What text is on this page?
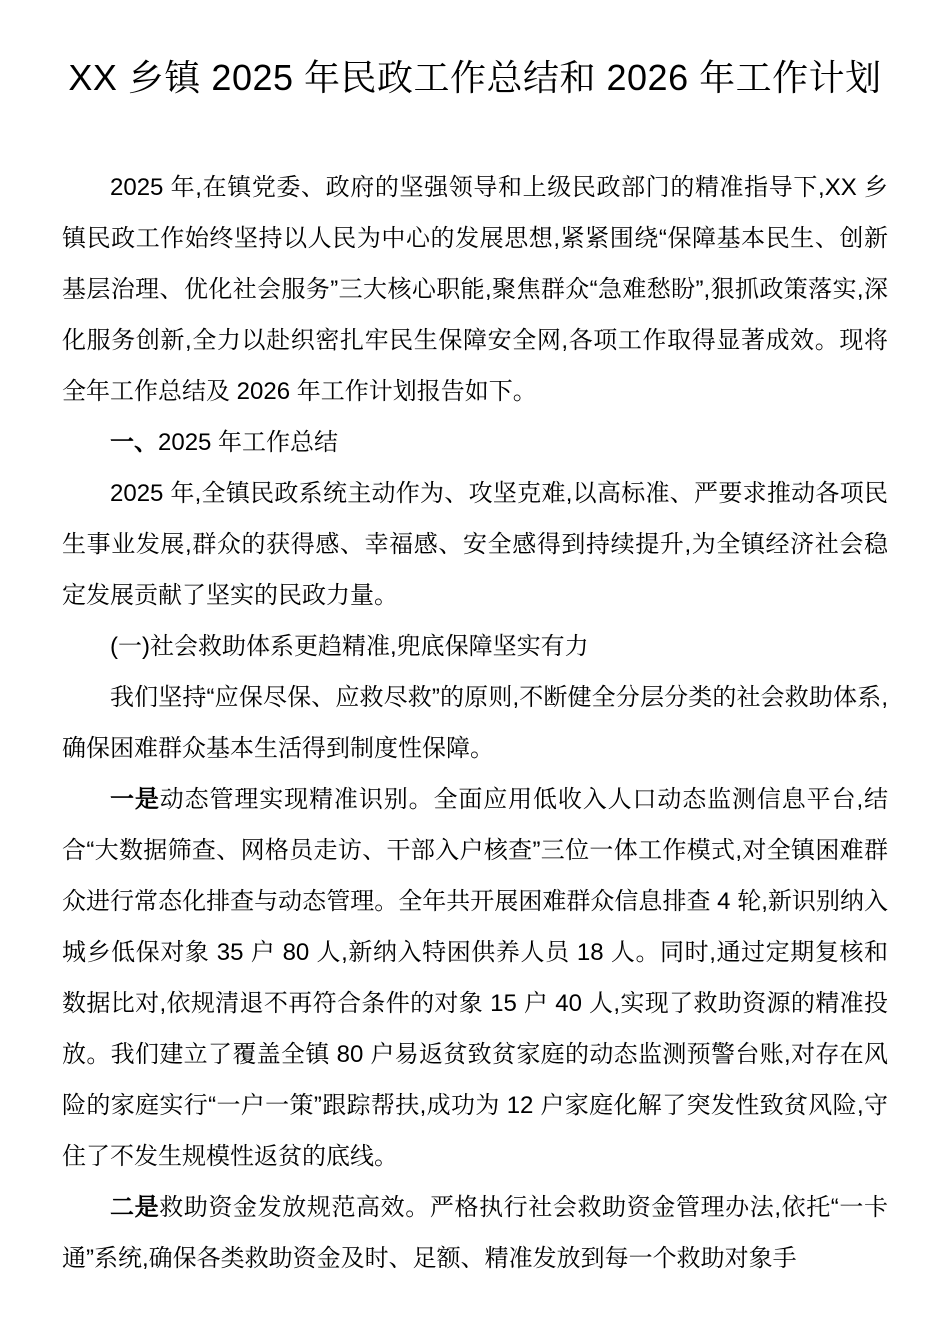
XX 乡镇 2025 年民政工作总结和 2026 年工作计划

2025 年,在镇党委、政府的坚强领导和上级民政部门的精准指导下,XX 乡镇民政工作始终坚持以人民为中心的发展思想,紧紧围绕“保障基本民生、创新基层治理、优化社会服务”三大核心职能,聚焦群众“急难愁盼”,狠抓政策落实,深化服务创新,全力以赴织密扎牢民生保障安全网,各项工作取得显著成效。现将全年工作总结及 2026 年工作计划报告如下。

一、2025 年工作总结

2025 年,全镇民政系统主动作为、攻坚克难,以高标准、严要求推动各项民生事业发展,群众的获得感、幸福感、安全感得到持续提升,为全镇经济社会稳定发展贡献了坚实的民政力量。

(一)社会救助体系更趋精准,兜底保障坚实有力

我们坚持“应保尽保、应救尽救”的原则,不断健全分层分类的社会救助体系,确保困难群众基本生活得到制度性保障。

一是动态管理实现精准识别。全面应用低收入人口动态监测信息平台,结合“大数据筛查、网格员走访、干部入户核查”三位一体工作模式,对全镇困难群众进行常态化排查与动态管理。全年共开展困难群众信息排查 4 轮,新识别纳入城乡低保对象 35 户 80 人,新纳入特困供养人员 18 人。同时,通过定期复核和数据比对,依规清退不再符合条件的对象 15 户 40 人,实现了救助资源的精准投放。我们建立了覆盖全镇 80 户易返贫致贫家庭的动态监测预警台账,对存在风险的家庭实行“一户一策”跟踪帮扶,成功为 12 户家庭化解了突发性致贫风险,守住了不发生规模性返贫的底线。

二是救助资金发放规范高效。严格执行社会救助资金管理办法,依托“一卡通”系统,确保各类救助资金及时、足额、精准发放到每一个救助对象手
